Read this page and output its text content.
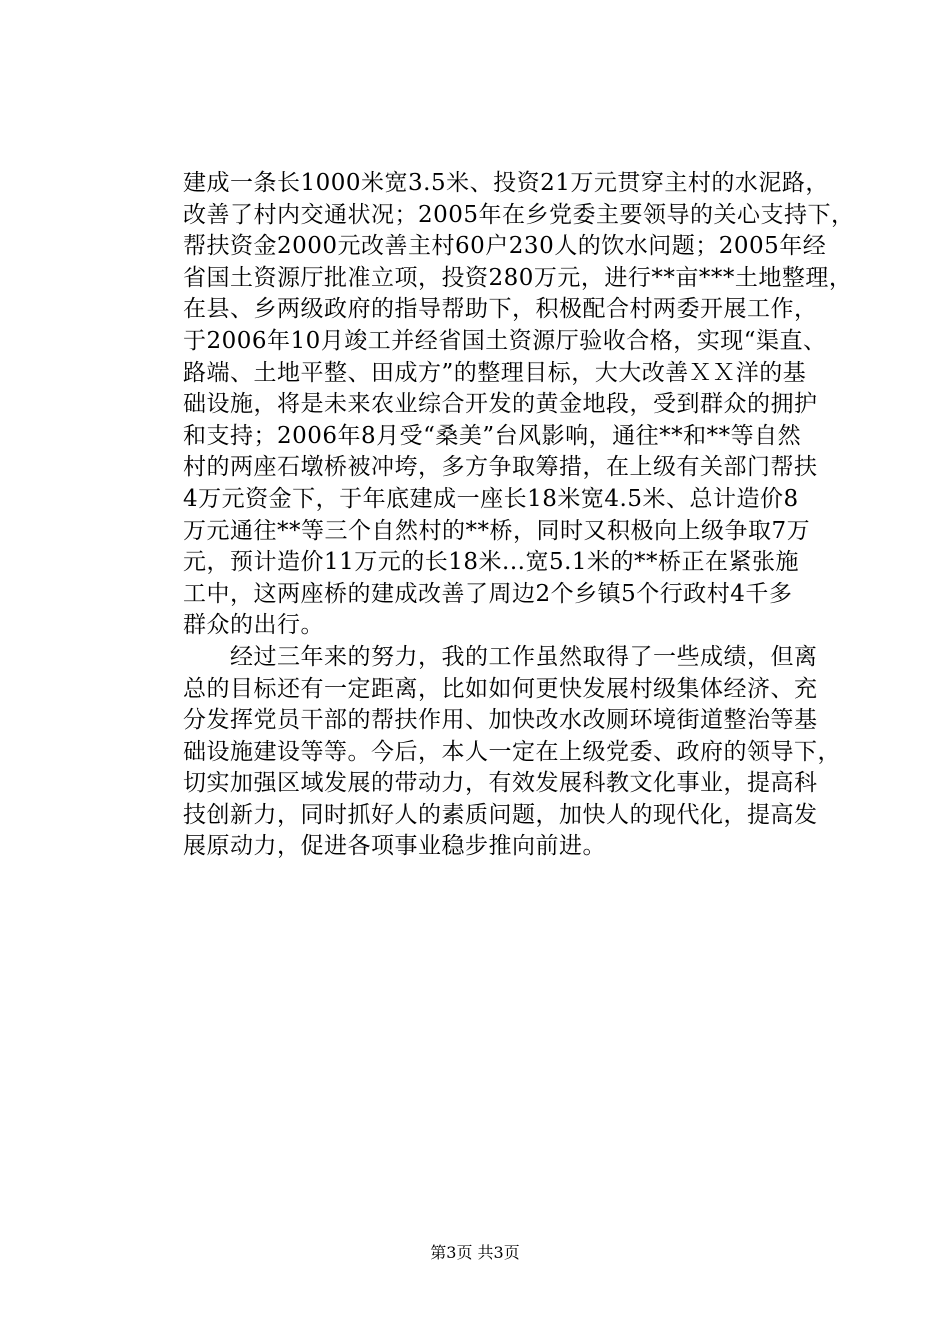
建成一条长1000米宽3.5米、投资21万元贯穿主村的水泥路，
改善了村内交通状况；2005年在乡党委主要领导的关心支持下，
帮扶资金2000元改善主村60户230人的饮水问题；2005年经
省国土资源厅批准立项，投资280万元，进行**亩***土地整理，
在县、乡两级政府的指导帮助下，积极配合村两委开展工作，
于2006年10月竣工并经省国土资源厅验收合格，实现“渠直、
路端、土地平整、田成方”的整理目标，大大改善ＸＸ洋的基
础设施，将是未来农业综合开发的黄金地段，受到群众的拥护
和支持；2006年8月受“桑美”台风影响，通往**和**等自然
村的两座石墩桥被冲垮，多方争取筹措，在上级有关部门帮扶
4万元资金下，于年底建成一座长18米宽4.5米、总计造价8
万元通往**等三个自然村的**桥，同时又积极向上级争取7万
元，预计造价11万元的长18米...宽5.1米的**桥正在紧张施
工中，这两座桥的建成改善了周边2个乡镇5个行政村4千多
群众的出行。
　　经过三年来的努力，我的工作虽然取得了一些成绩，但离
总的目标还有一定距离，比如如何更快发展村级集体经济、充
分发挥党员干部的帮扶作用、加快改水改厕环境街道整治等基
础设施建设等等。今后，本人一定在上级党委、政府的领导下，
切实加强区域发展的带动力，有效发展科教文化事业，提高科
技创新力，同时抓好人的素质问题，加快人的现代化，提高发
展原动力，促进各项事业稳步推向前进。
第3页 共3页
